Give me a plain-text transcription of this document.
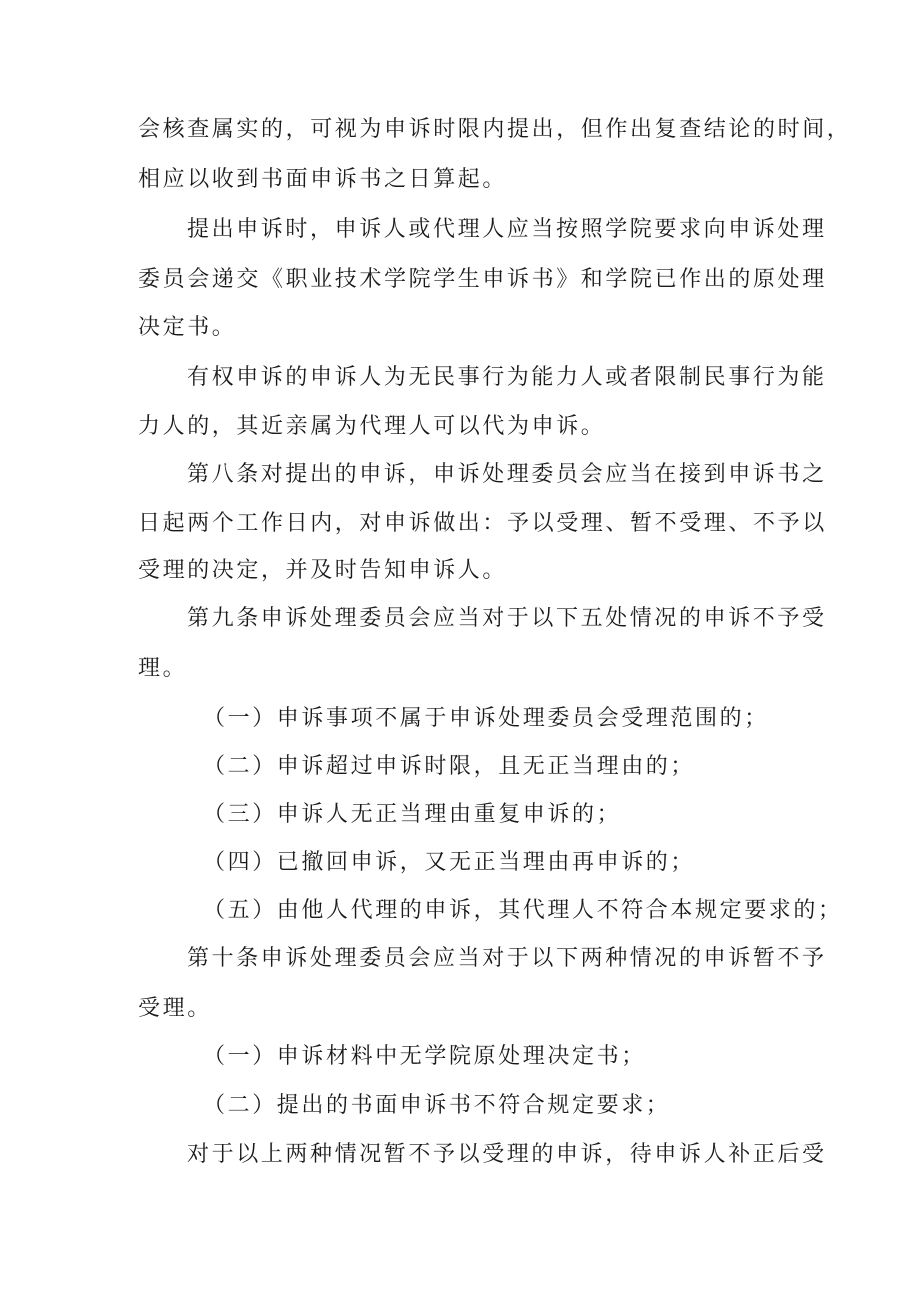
会核查属实的，可视为申诉时限内提出，但作出复查结论的时间，
相应以收到书面申诉书之日算起。
提出申诉时，申诉人或代理人应当按照学院要求向申诉处理
委员会递交《职业技术学院学生申诉书》和学院已作出的原处理
决定书。
有权申诉的申诉人为无民事行为能力人或者限制民事行为能
力人的，其近亲属为代理人可以代为申诉。
第八条对提出的申诉，申诉处理委员会应当在接到申诉书之
日起两个工作日内，对申诉做出：予以受理、暂不受理、不予以
受理的决定，并及时告知申诉人。
第九条申诉处理委员会应当对于以下五处情况的申诉不予受
理。
（一）申诉事项不属于申诉处理委员会受理范围的；
（二）申诉超过申诉时限，且无正当理由的；
（三）申诉人无正当理由重复申诉的；
（四）已撤回申诉，又无正当理由再申诉的；
（五）由他人代理的申诉，其代理人不符合本规定要求的；
第十条申诉处理委员会应当对于以下两种情况的申诉暂不予
受理。
（一）申诉材料中无学院原处理决定书；
（二）提出的书面申诉书不符合规定要求；
对于以上两种情况暂不予以受理的申诉，待申诉人补正后受
